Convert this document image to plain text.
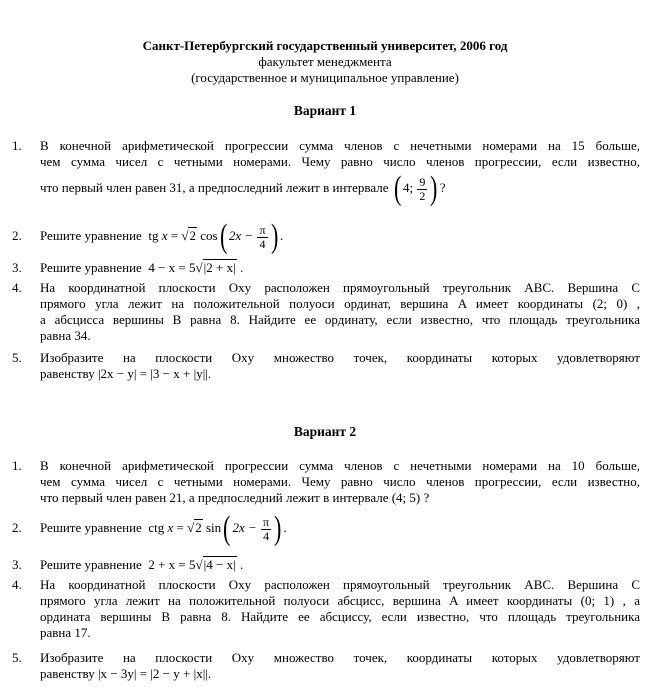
Санкт-Петербургский государственный университет, 2006 год
факультет менеджмента
(государственное и муниципальное управление)
Вариант 1
1. В конечной арифметической прогрессии сумма членов с нечетными номерами на 15 больше,
чем сумма чисел с четными номерами. Чему равно число членов прогрессии, если известно,
что первый член равен 31, а предпоследний лежит в интервале ( 4; $\frac{9}{2}$ ) ?
2. Решите уравнение tg x = √2 cos( $2x - \frac{\pi}{4}$ ) .
3. Решите уравнение 4 − x = 5√|2 + x| .
4. На координатной плоскости Oxy расположен прямоугольный треугольник ABC. Вершина C
прямого угла лежит на положительной полуоси ординат, вершина A имеет координаты (2; 0) ,
а абсцисса вершины B равна 8. Найдите ее ординату, если известно, что площадь треугольника
равна 34.
5. Изобразите на плоскости Oxy множество точек, координаты которых удовлетворяют
равенству |2x − y| = |3 − x + |y||.
Вариант 2
1. В конечной арифметической прогрессии сумма членов с нечетными номерами на 10 больше,
чем сумма чисел с четными номерами. Чему равно число членов прогрессии, если известно,
что первый член равен 21, а предпоследний лежит в интервале (4; 5) ?
2. Решите уравнение ctg x = √2 sin( $2x - \frac{\pi}{4}$ ) .
3. Решите уравнение 2 + x = 5√|4 − x| .
4. На координатной плоскости Oxy расположен прямоугольный треугольник ABC. Вершина C
прямого угла лежит на положительной полуоси абсцисс, вершина A имеет координаты (0; 1) , а
ордината вершины B равна 8. Найдите ее абсциссу, если известно, что площадь треугольника
равна 17.
5. Изобразите на плоскости Oxy множество точек, координаты которых удовлетворяют
равенству |x − 3y| = |2 − y + |x||.
